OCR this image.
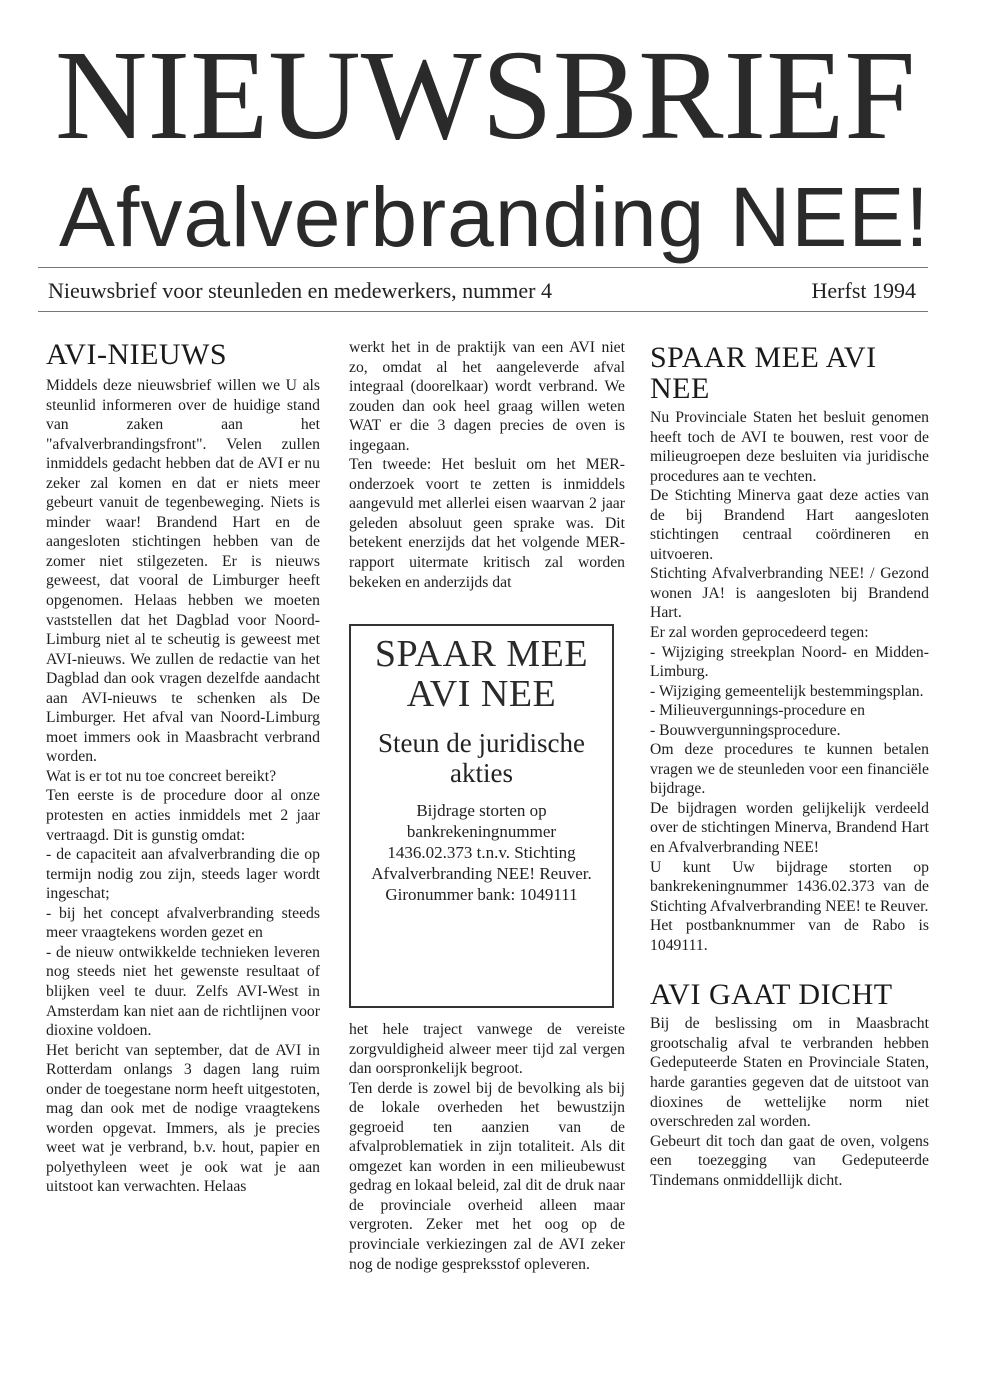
NIEUWSBRIEF
Afvalverbranding NEE!
Nieuwsbrief voor steunleden en medewerkers, nummer 4	Herfst 1994
AVI-NIEUWS

Middels deze nieuwsbrief willen we U als steunlid informeren over de huidige stand van zaken aan het "afvalverbrandingsfront". Velen zullen inmiddels gedacht hebben dat de AVI er nu zeker zal komen en dat er niets meer gebeurt vanuit de tegenbeweging. Niets is minder waar! Brandend Hart en de aangesloten stichtingen hebben van de zomer niet stilgezeten. Er is nieuws geweest, dat vooral de Limburger heeft opgenomen. Helaas hebben we moeten vaststellen dat het Dagblad voor Noord-Limburg niet al te scheutig is geweest met AVI-nieuws. We zullen de redactie van het Dagblad dan ook vragen dezelfde aandacht aan AVI-nieuws te schenken als De Limburger. Het afval van Noord-Limburg moet immers ook in Maasbracht verbrand worden.

Wat is er tot nu toe concreet bereikt?

Ten eerste is de procedure door al onze protesten en acties inmiddels met 2 jaar vertraagd. Dit is gunstig omdat:

- de capaciteit aan afvalverbranding die op termijn nodig zou zijn, steeds lager wordt ingeschat;

- bij het concept afvalverbranding steeds meer vraagtekens worden gezet en

- de nieuw ontwikkelde technieken leveren nog steeds niet het gewenste resultaat of blijken veel te duur. Zelfs AVI-West in Amsterdam kan niet aan de richtlijnen voor dioxine voldoen.

Het bericht van september, dat de AVI in Rotterdam onlangs 3 dagen lang ruim onder de toegestane norm heeft uitgestoten, mag dan ook met de nodige vraagtekens worden opgevat. Immers, als je precies weet wat je verbrand, b.v. hout, papier en polyethyleen weet je ook wat je aan uitstoot kan verwachten. Helaas

werkt het in de praktijk van een AVI niet zo, omdat al het aangeleverde afval integraal (doorelkaar) wordt verbrand. We zouden dan ook heel graag willen weten WAT er die 3 dagen precies de oven is ingegaan.

Ten tweede: Het besluit om het MER-onderzoek voort te zetten is inmiddels aangevuld met allerlei eisen waarvan 2 jaar geleden absoluut geen sprake was. Dit betekent enerzijds dat het volgende MER-rapport uitermate kritisch zal worden bekeken en anderzijds dat

SPAAR MEE AVI NEE
Steun de juridische akties
Bijdrage storten op bankrekeningnummer 1436.02.373 t.n.v. Stichting Afvalverbranding NEE! Reuver. Gironummer bank: 1049111

het hele traject vanwege de vereiste zorgvuldigheid alweer meer tijd zal vergen dan oorspronkelijk begroot.

Ten derde is zowel bij de bevolking als bij de lokale overheden het bewustzijn gegroeid ten aanzien van de afvalproblematiek in zijn totaliteit. Als dit omgezet kan worden in een milieubewust gedrag en lokaal beleid, zal dit de druk naar de provinciale overheid alleen maar vergroten. Zeker met het oog op de provinciale verkiezingen zal de AVI zeker nog de nodige gespreksstof opleveren.

SPAAR MEE AVI NEE

Nu Provinciale Staten het besluit genomen heeft toch de AVI te bouwen, rest voor de milieugroepen deze besluiten via juridische procedures aan te vechten.

De Stichting Minerva gaat deze acties van de bij Brandend Hart aangesloten stichtingen centraal coördineren en uitvoeren.

Stichting Afvalverbranding NEE! / Gezond wonen JA! is aangesloten bij Brandend Hart.

Er zal worden geprocedeerd tegen:

- Wijziging streekplan Noord- en Midden-Limburg.

- Wijziging gemeentelijk bestemmingsplan.

- Milieuvergunnings-procedure en

- Bouwvergunningsprocedure.

Om deze procedures te kunnen betalen vragen we de steunleden voor een financiële bijdrage.

De bijdragen worden gelijkelijk verdeeld over de stichtingen Minerva, Brandend Hart en Afvalverbranding NEE!

U kunt Uw bijdrage storten op bankrekeningnummer 1436.02.373 van de Stichting Afvalverbranding NEE! te Reuver.

Het postbanknummer van de Rabo is 1049111.

AVI GAAT DICHT

Bij de beslissing om in Maasbracht grootschalig afval te verbranden hebben Gedeputeerde Staten en Provinciale Staten, harde garanties gegeven dat de uitstoot van dioxines de wettelijke norm niet overschreden zal worden.

Gebeurt dit toch dan gaat de oven, volgens een toezegging van Gedeputeerde Tindemans onmiddellijk dicht.
